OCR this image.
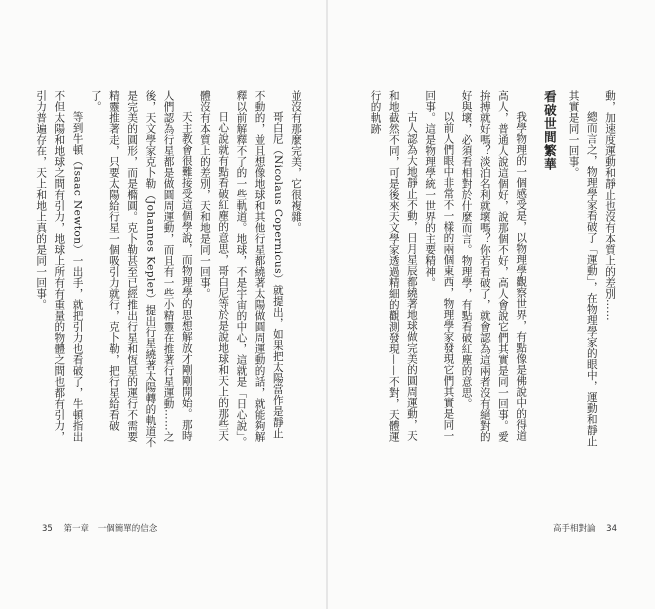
並沒有那麼完美，它很複雜。

哥白尼（Nicolaus Copernicus）就提出，如果把太陽當作是靜止不動的，並且想像地球和其他行星都繞著太陽做圓周運動的話，就能夠解釋以前解釋不了的一些軌道。地球，不是宇宙的中心，這就是「日心說」。

日心說就有點看破紅塵的意思，哥白尼等於是說地球和天上的那些天體沒有本質上的差別，天和地是同一回事。

天主教會很難接受這個學說，而物理學的思想解放才剛剛開始。那時人們認為行星都是做圓周運動，而且有一些小精靈在推著行星運動……之後，天文學家克卜勒（Johannes Kepler）提出行星繞著太陽轉的軌道不是完美的圓形，而是橢圓。克卜勒甚至已經推出行星和恆星的運行不需要精靈推著走，只要太陽給行星一個吸引力就行，克卜勒，把行星給看破了。

等到牛頓（Isaac Newton）一出手，就把引力也看破了，牛頓指出不但太陽和地球之間有引力，地球上所有有重量的物體之間也都有引力，引力普遍存在，天上和地上真的是同一回事。

35 第一章 一個簡單的信念

動，加速度運動和靜止也沒有本質上的差別……

總而言之，物理學家看破了「運動」，在物理學家的眼中，運動和靜止其實是同一回事。

看破世間繁華

我學物理的一個感受是，以物理學觀察世界，有點像是佛說中的得道高人，普通人說這個好，說那個不好，高人會說它們其實是同一回事。愛拚搏就好嗎？淡泊名利就壞嗎？你若看破了，就會認為這兩者沒有絕對的好與壞，必須看相對於什麼而言。物理學，有點看破紅塵的意思。

以前人們眼中非常不一樣的兩個東西，物理學家發現它們其實是同一回事。這是物理學統一世界的主要精神。

古人認為大地靜止不動，日月星辰都繞著地球做完美的圓周運動，天和地截然不同，可是後來天文學家透過精細的觀測發現——不對，天體運行的軌跡

高手相對論 34
